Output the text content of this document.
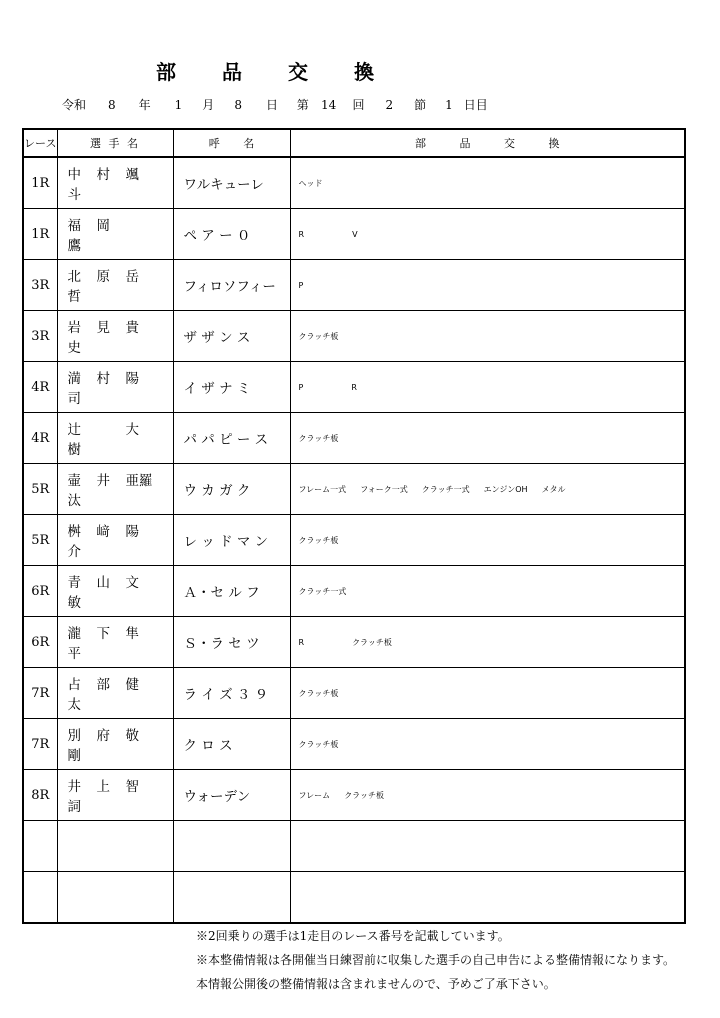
部 品 交 換
令和 8 年 1 月 8 日 第 14 回 2 節 1 日目
レース	選 手 名	呼 名	部 品 交 換
1R	中 村 颯斗	ワルキューレ	ヘッド
1R	福 岡鷹	ペ ア ー ０	R V
3R	北 原 岳哲	フィロソフィー	P
3R	岩 見 貴史	ザ ザ ン ス	クラッチ板
4R	満 村 陽司	イ ザ ナ ミ	P R
4R	辻 大樹	パ パ ピ ー ス	クラッチ板
5R	壷 井 亜羅汰	ウ カ ガ ク	フレーム一式 フォーク一式 クラッチ一式 エンジンOH メタル
5R	桝 﨑 陽介	レ ッ ド マ ン	クラッチ板
6R	青 山 文敏	Ａ・セ ル フ	クラッチ一式
6R	瀧 下 隼平	Ｓ・ラ セ ツ	R クラッチ板
7R	占 部 健太	ラ イ ズ ３ ９	クラッチ板
7R	別 府 敬剛	ク ロ ス	クラッチ板
8R	井 上 智詞	ウォーデン	フレーム クラッチ板

※2回乗りの選手は1走目のレース番号を記載しています。
※本整備情報は各開催当日練習前に収集した選手の自己申告による整備情報になります。
本情報公開後の整備情報は含まれませんので、予めご了承下さい。
